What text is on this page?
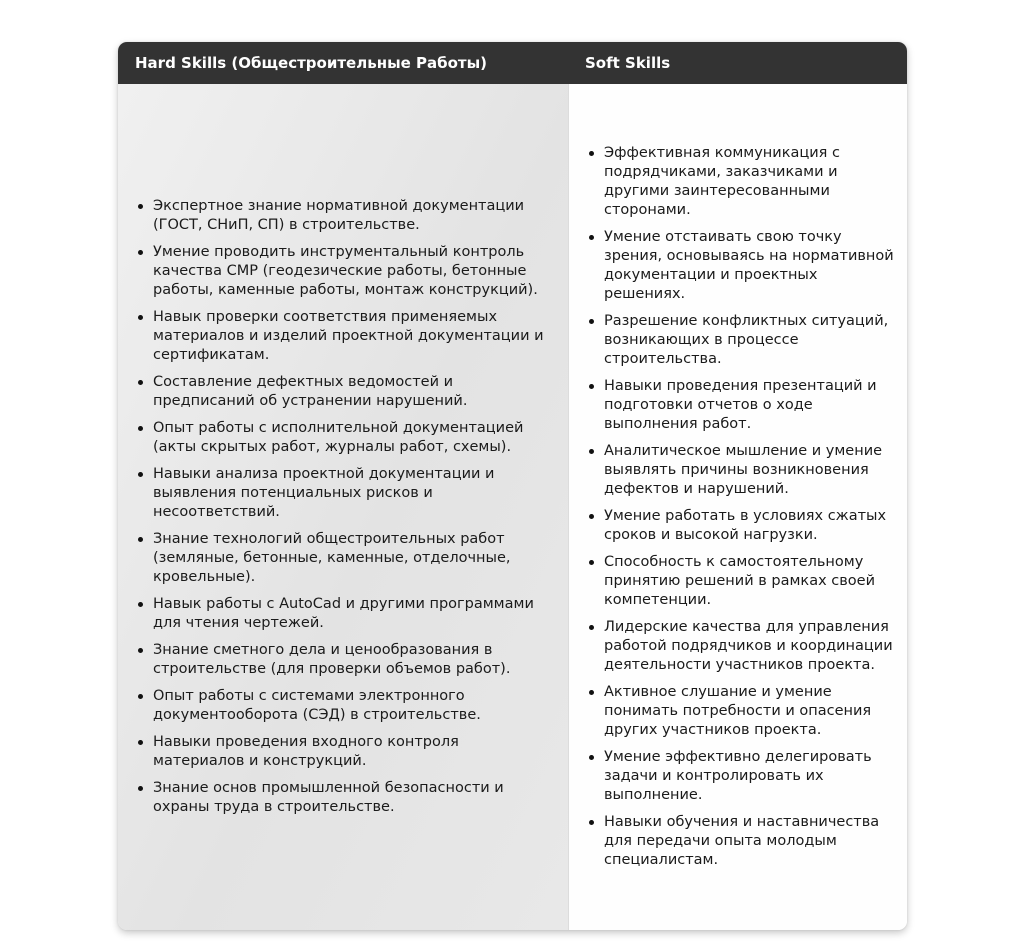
Hard Skills (Общестроительные Работы)	Soft Skills
Экспертное знание нормативной документации (ГОСТ, СНиП, СП) в строительстве.
Умение проводить инструментальный контроль качества СМР (геодезические работы, бетонные работы, каменные работы, монтаж конструкций).
Навык проверки соответствия применяемых материалов и изделий проектной документации и сертификатам.
Составление дефектных ведомостей и предписаний об устранении нарушений.
Опыт работы с исполнительной документацией (акты скрытых работ, журналы работ, схемы).
Навыки анализа проектной документации и выявления потенциальных рисков и несоответствий.
Знание технологий общестроительных работ (земляные, бетонные, каменные, отделочные, кровельные).
Навык работы с AutoCad и другими программами для чтения чертежей.
Знание сметного дела и ценообразования в строительстве (для проверки объемов работ).
Опыт работы с системами электронного документооборота (СЭД) в строительстве.
Навыки проведения входного контроля материалов и конструкций.
Знание основ промышленной безопасности и охраны труда в строительстве.
Эффективная коммуникация с подрядчиками, заказчиками и другими заинтересованными сторонами.
Умение отстаивать свою точку зрения, основываясь на нормативной документации и проектных решениях.
Разрешение конфликтных ситуаций, возникающих в процессе строительства.
Навыки проведения презентаций и подготовки отчетов о ходе выполнения работ.
Аналитическое мышление и умение выявлять причины возникновения дефектов и нарушений.
Умение работать в условиях сжатых сроков и высокой нагрузки.
Способность к самостоятельному принятию решений в рамках своей компетенции.
Лидерские качества для управления работой подрядчиков и координации деятельности участников проекта.
Активное слушание и умение понимать потребности и опасения других участников проекта.
Умение эффективно делегировать задачи и контролировать их выполнение.
Навыки обучения и наставничества для передачи опыта молодым специалистам.
